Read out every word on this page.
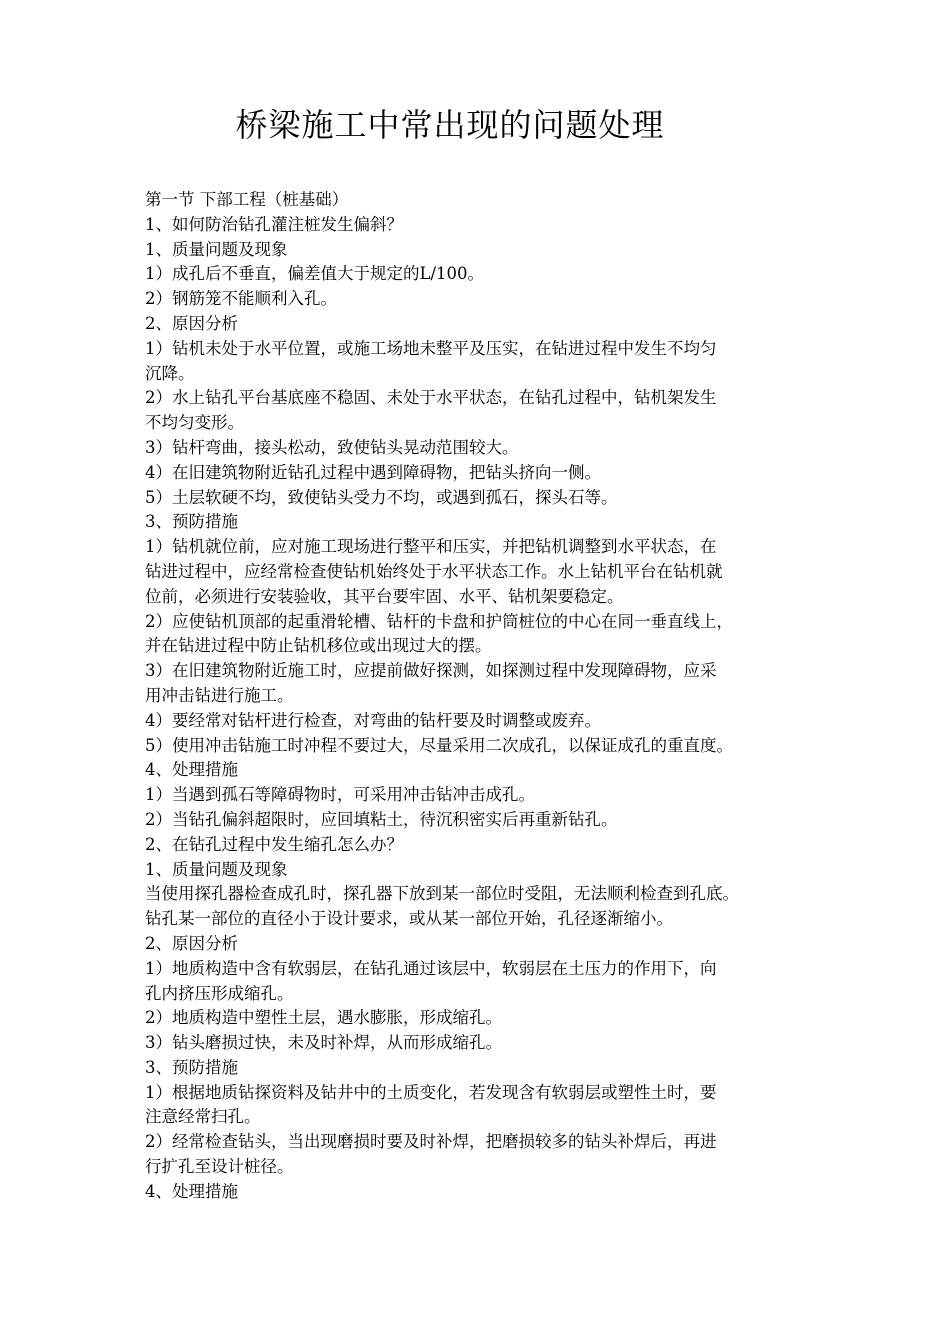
桥梁施工中常出现的问题处理

第一节 下部工程（桩基础）

1、如何防治钻孔灌注桩发生偏斜？

1、质量问题及现象

1）成孔后不垂直，偏差值大于规定的L/100。

2）钢筋笼不能顺利入孔。

2、原因分析

1）钻机未处于水平位置，或施工场地未整平及压实，在钻进过程中发生不均匀

沉降。

2）水上钻孔平台基底座不稳固、未处于水平状态，在钻孔过程中，钻机架发生

不均匀变形。

3）钻杆弯曲，接头松动，致使钻头晃动范围较大。

4）在旧建筑物附近钻孔过程中遇到障碍物，把钻头挤向一侧。

5）土层软硬不均，致使钻头受力不均，或遇到孤石，探头石等。

3、预防措施

1）钻机就位前，应对施工现场进行整平和压实，并把钻机调整到水平状态，在

钻进过程中，应经常检查使钻机始终处于水平状态工作。水上钻机平台在钻机就

位前，必须进行安装验收，其平台要牢固、水平、钻机架要稳定。

2）应使钻机顶部的起重滑轮槽、钻杆的卡盘和护筒桩位的中心在同一垂直线上，

并在钻进过程中防止钻机移位或出现过大的摆。

3）在旧建筑物附近施工时，应提前做好探测，如探测过程中发现障碍物，应采

用冲击钻进行施工。

4）要经常对钻杆进行检查，对弯曲的钻杆要及时调整或废弃。

5）使用冲击钻施工时冲程不要过大，尽量采用二次成孔，以保证成孔的重直度。

4、处理措施

1）当遇到孤石等障碍物时，可采用冲击钻冲击成孔。

2）当钻孔偏斜超限时，应回填粘土，待沉积密实后再重新钻孔。

2、在钻孔过程中发生缩孔怎么办？

1、质量问题及现象

当使用探孔器检查成孔时，探孔器下放到某一部位时受阻，无法顺利检查到孔底。

钻孔某一部位的直径小于设计要求，或从某一部位开始，孔径逐渐缩小。

2、原因分析

1）地质构造中含有软弱层，在钻孔通过该层中，软弱层在土压力的作用下，向

孔内挤压形成缩孔。

2）地质构造中塑性土层，遇水膨胀，形成缩孔。

3）钻头磨损过快，未及时补焊，从而形成缩孔。

3、预防措施

1）根据地质钻探资料及钻井中的土质变化，若发现含有软弱层或塑性土时，要

注意经常扫孔。

2）经常检查钻头，当出现磨损时要及时补焊，把磨损较多的钻头补焊后，再进

行扩孔至设计桩径。

4、处理措施
